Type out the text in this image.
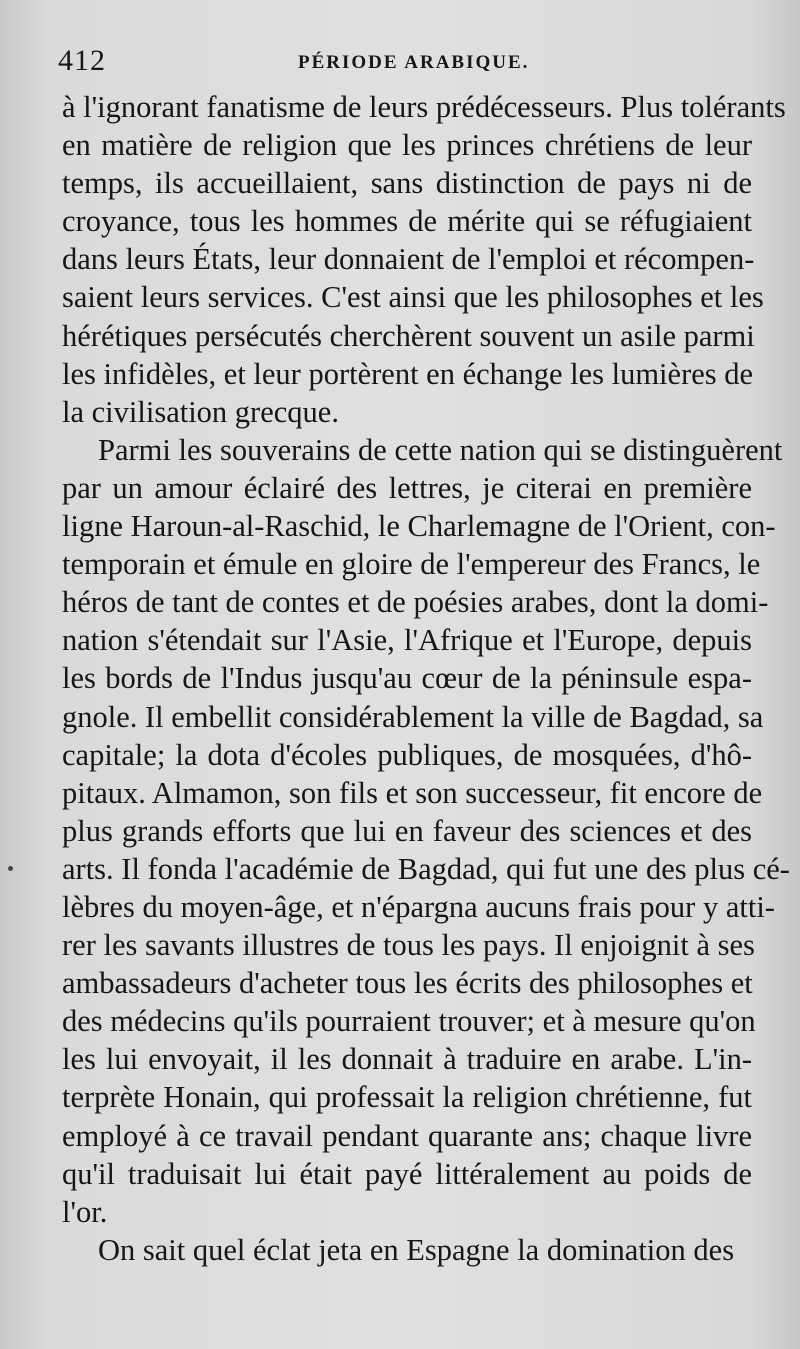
412	PÉRIODE ARABIQUE.
à l'ignorant fanatisme de leurs prédécesseurs. Plus tolérants
en matière de religion que les princes chrétiens de leur
temps, ils accueillaient, sans distinction de pays ni de
croyance, tous les hommes de mérite qui se réfugiaient
dans leurs États, leur donnaient de l'emploi et récompen-
saient leurs services. C'est ainsi que les philosophes et les
hérétiques persécutés cherchèrent souvent un asile parmi
les infidèles, et leur portèrent en échange les lumières de
la civilisation grecque.
Parmi les souverains de cette nation qui se distinguèrent
par un amour éclairé des lettres, je citerai en première
ligne Haroun-al-Raschid, le Charlemagne de l'Orient, con-
temporain et émule en gloire de l'empereur des Francs, le
héros de tant de contes et de poésies arabes, dont la domi-
nation s'étendait sur l'Asie, l'Afrique et l'Europe, depuis
les bords de l'Indus jusqu'au cœur de la péninsule espa-
gnole. Il embellit considérablement la ville de Bagdad, sa
capitale; la dota d'écoles publiques, de mosquées, d'hô-
pitaux. Almamon, son fils et son successeur, fit encore de
plus grands efforts que lui en faveur des sciences et des
arts. Il fonda l'académie de Bagdad, qui fut une des plus cé-
lèbres du moyen-âge, et n'épargna aucuns frais pour y atti-
rer les savants illustres de tous les pays. Il enjoignit à ses
ambassadeurs d'acheter tous les écrits des philosophes et
des médecins qu'ils pourraient trouver; et à mesure qu'on
les lui envoyait, il les donnait à traduire en arabe. L'in-
terprète Honain, qui professait la religion chrétienne, fut
employé à ce travail pendant quarante ans; chaque livre
qu'il traduisait lui était payé littéralement au poids de
l'or.
On sait quel éclat jeta en Espagne la domination des
